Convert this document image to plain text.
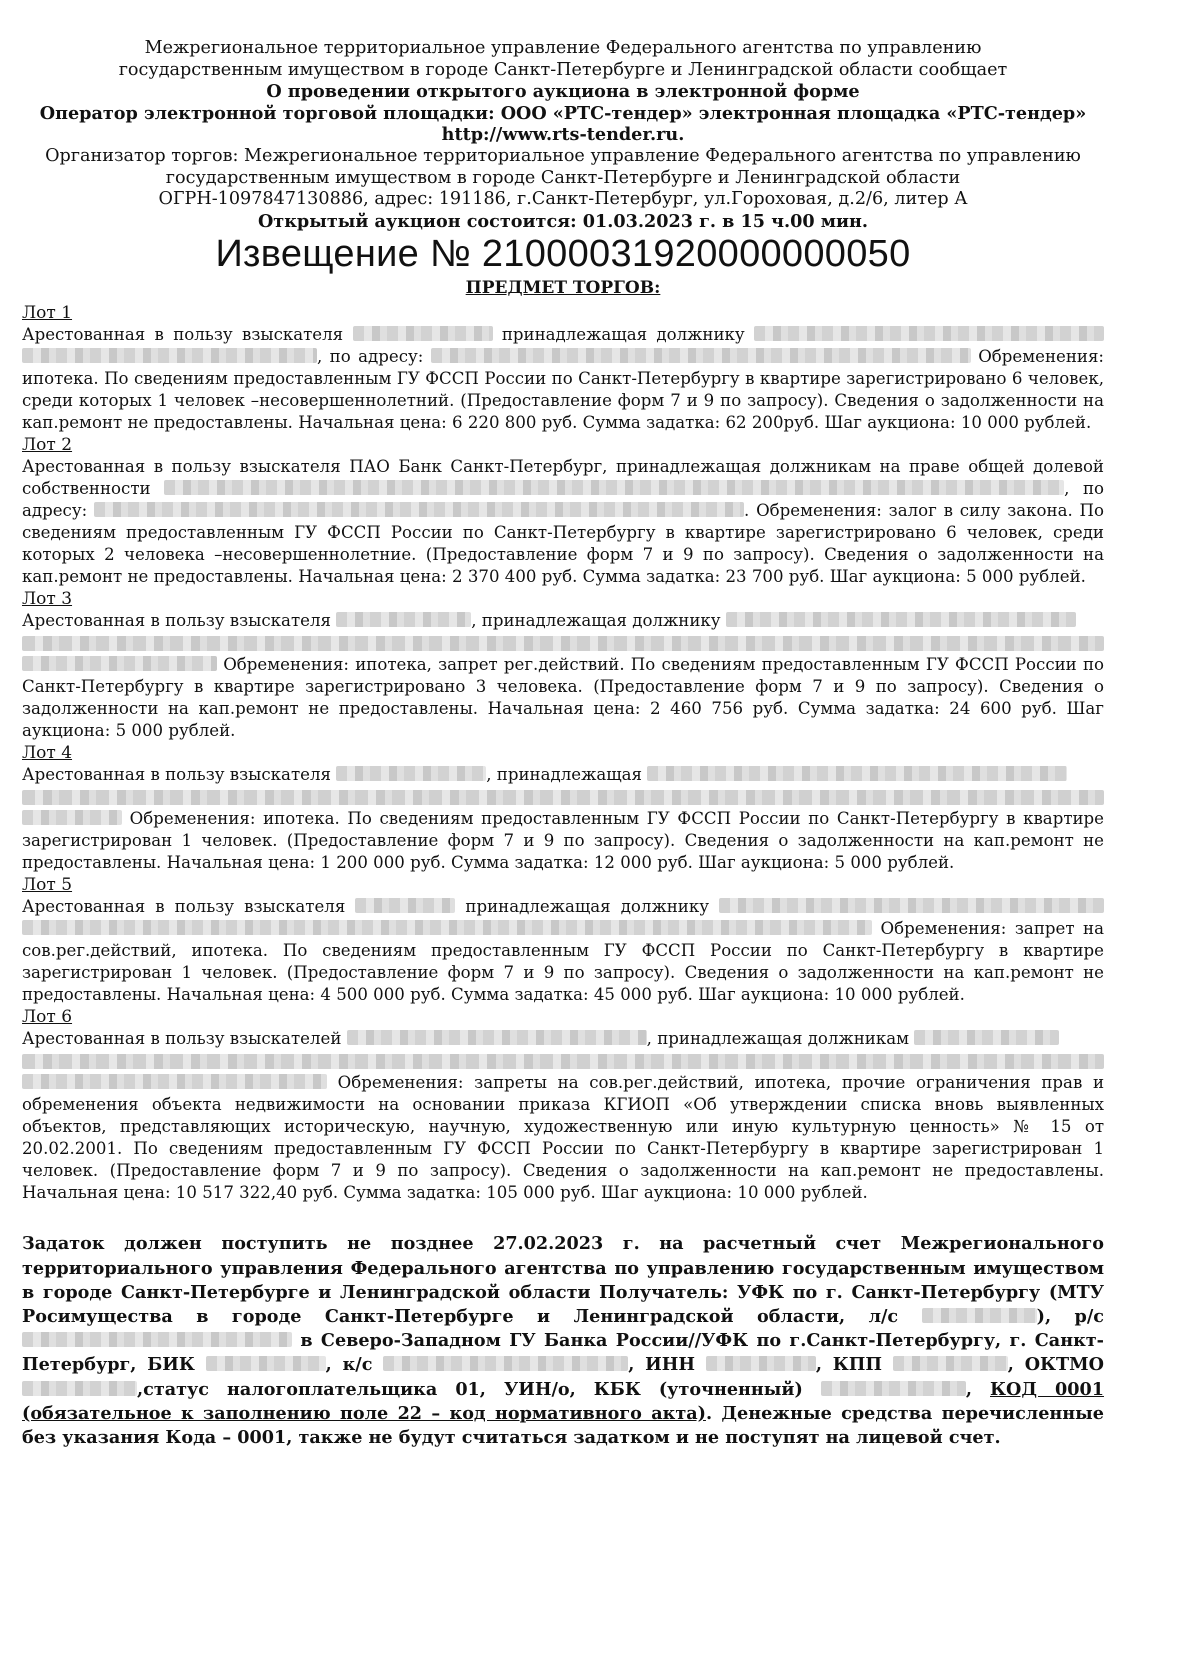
Межрегиональное территориальное управление Федерального агентства по управлению
государственным имуществом в городе Санкт-Петербурге и Ленинградской области сообщает
О проведении открытого аукциона в электронной форме
Оператор электронной торговой площадки: ООО «РТС-тендер» электронная площадка «РТС-тендер»
http://www.rts-tender.ru.
Организатор торгов: Межрегиональное территориальное управление Федерального агентства по управлению
государственным имуществом в городе Санкт-Петербурге и Ленинградской области
ОГРН-1097847130886, адрес: 191186, г.Санкт-Петербург, ул.Гороховая, д.2/6, литер А
Открытый аукцион состоится: 01.03.2023 г. в 15 ч.00 мин.
Извещение № 21000031920000000050
ПРЕДМЕТ ТОРГОВ:
Лот 1
Арестованная в пользу взыскателя	принадлежащая должнику  , по адресу:	Обременения: ипотека. По сведениям предоставленным ГУ ФССП России по Санкт-Петербургу в квартире зарегистрировано 6 человек, среди которых 1 человек –несовершеннолетний. (Предоставление форм 7 и 9 по запросу). Сведения о задолженности на кап.ремонт не предоставлены. Начальная цена: 6 220 800 руб. Сумма задатка: 62 200руб. Шаг аукциона: 10 000 рублей.
Лот 2
Арестованная в пользу взыскателя ПАО Банк Санкт-Петербург, принадлежащая должникам на праве общей долевой собственности	, по адресу:	. Обременения: залог в силу закона. По сведениям предоставленным ГУ ФССП России по Санкт-Петербургу в квартире зарегистрировано 6 человек, среди которых 2 человека –несовершеннолетние. (Предоставление форм 7 и 9 по запросу). Сведения о задолженности на кап.ремонт не предоставлены. Начальная цена: 2 370 400 руб. Сумма задатка: 23 700 руб. Шаг аукциона: 5 000 рублей.
Лот 3
Арестованная в пользу взыскателя	, принадлежащая должнику
Обременения: ипотека, запрет рег.действий. По сведениям предоставленным ГУ ФССП России по Санкт-Петербургу в квартире зарегистрировано 3 человека. (Предоставление форм 7 и 9 по запросу). Сведения о задолженности на кап.ремонт не предоставлены. Начальная цена: 2 460 756 руб. Сумма задатка: 24 600 руб. Шаг аукциона: 5 000 рублей.
Лот 4
Арестованная в пользу взыскателя	, принадлежащая
Обременения: ипотека. По сведениям предоставленным ГУ ФССП России по Санкт-Петербургу в квартире зарегистрирован 1 человек. (Предоставление форм 7 и 9 по запросу). Сведения о задолженности на кап.ремонт не предоставлены. Начальная цена: 1 200 000 руб. Сумма задатка: 12 000 руб. Шаг аукциона: 5 000 рублей.
Лот 5
Арестованная в пользу взыскателя	принадлежащая должнику   Обременения: запрет на сов.рег.действий, ипотека. По сведениям предоставленным ГУ ФССП России по Санкт-Петербургу в квартире зарегистрирован 1 человек. (Предоставление форм 7 и 9 по запросу). Сведения о задолженности на кап.ремонт не предоставлены. Начальная цена: 4 500 000 руб. Сумма задатка: 45 000 руб. Шаг аукциона: 10 000 рублей.
Лот 6
Арестованная в пользу взыскателей	, принадлежащая должникам
Обременения: запреты на сов.рег.действий, ипотека, прочие ограничения прав и обременения объекта недвижимости на основании приказа КГИОП «Об утверждении списка вновь выявленных объектов, представляющих историческую, научную, художественную или иную культурную ценность» № 15 от 20.02.2001. По сведениям предоставленным ГУ ФССП России по Санкт-Петербургу в квартире зарегистрирован 1 человек. (Предоставление форм 7 и 9 по запросу). Сведения о задолженности на кап.ремонт не предоставлены. Начальная цена: 10 517 322,40 руб. Сумма задатка: 105 000 руб. Шаг аукциона: 10 000 рублей.
Задаток должен поступить не позднее 27.02.2023 г. на расчетный счет Межрегионального территориального управления Федерального агентства по управлению государственным имуществом в городе Санкт-Петербурге и Ленинградской области Получатель: УФК по г. Санкт-Петербургу (МТУ Росимущества в городе Санкт-Петербурге и Ленинградской области, л/с	), р/с  в Северо-Западном ГУ Банка России//УФК по г.Санкт-Петербургу, г. Санкт-Петербург, БИК	, к/с	, ИНН	, КПП	, ОКТМО ,статус налогоплательщика 01, УИН/о, КБК (уточненный)	, КОД 0001 (обязательное к заполнению поле 22 – код нормативного акта). Денежные средства перечисленные без указания Кода – 0001, также не будут считаться задатком и не поступят на лицевой счет.
